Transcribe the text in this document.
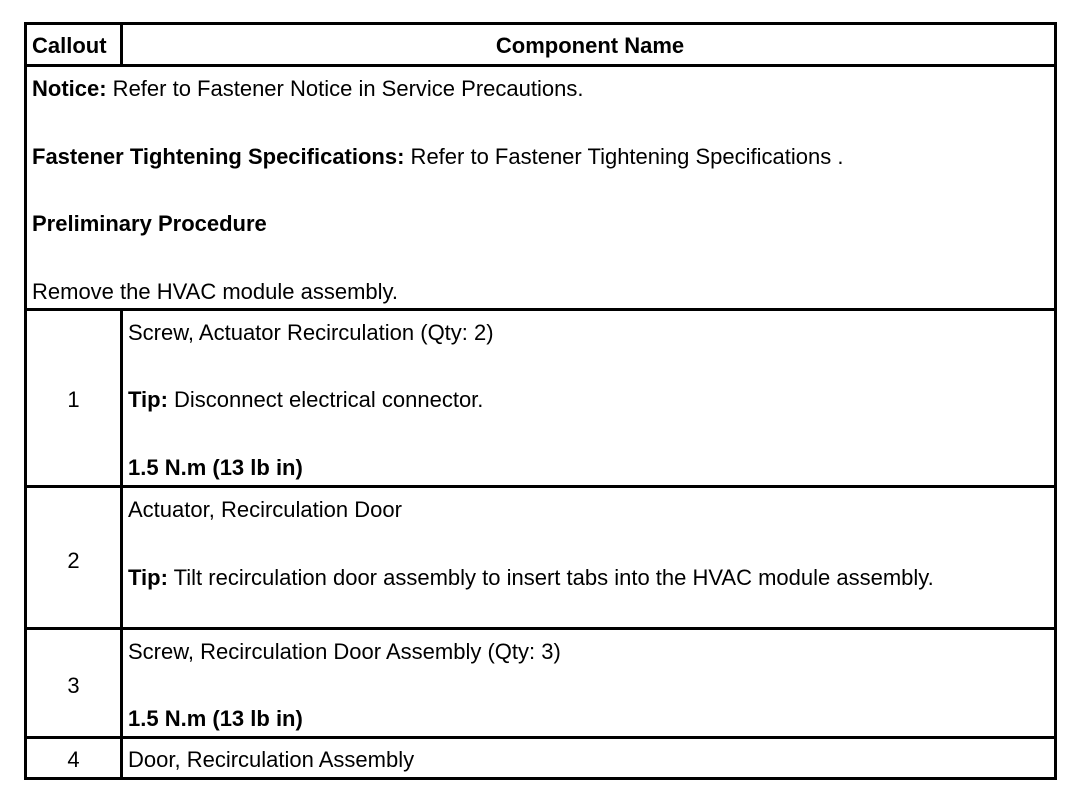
Callout	Component Name
Notice: Refer to Fastener Notice in Service Precautions.
Fastener Tightening Specifications: Refer to Fastener Tightening Specifications .
Preliminary Procedure
Remove the HVAC module assembly.
1
Screw, Actuator Recirculation (Qty: 2)
Tip: Disconnect electrical connector.
1.5 N.m (13 lb in)
2
Actuator, Recirculation Door
Tip: Tilt recirculation door assembly to insert tabs into the HVAC module assembly.
3
Screw, Recirculation Door Assembly (Qty: 3)
1.5 N.m (13 lb in)
4	Door, Recirculation Assembly
